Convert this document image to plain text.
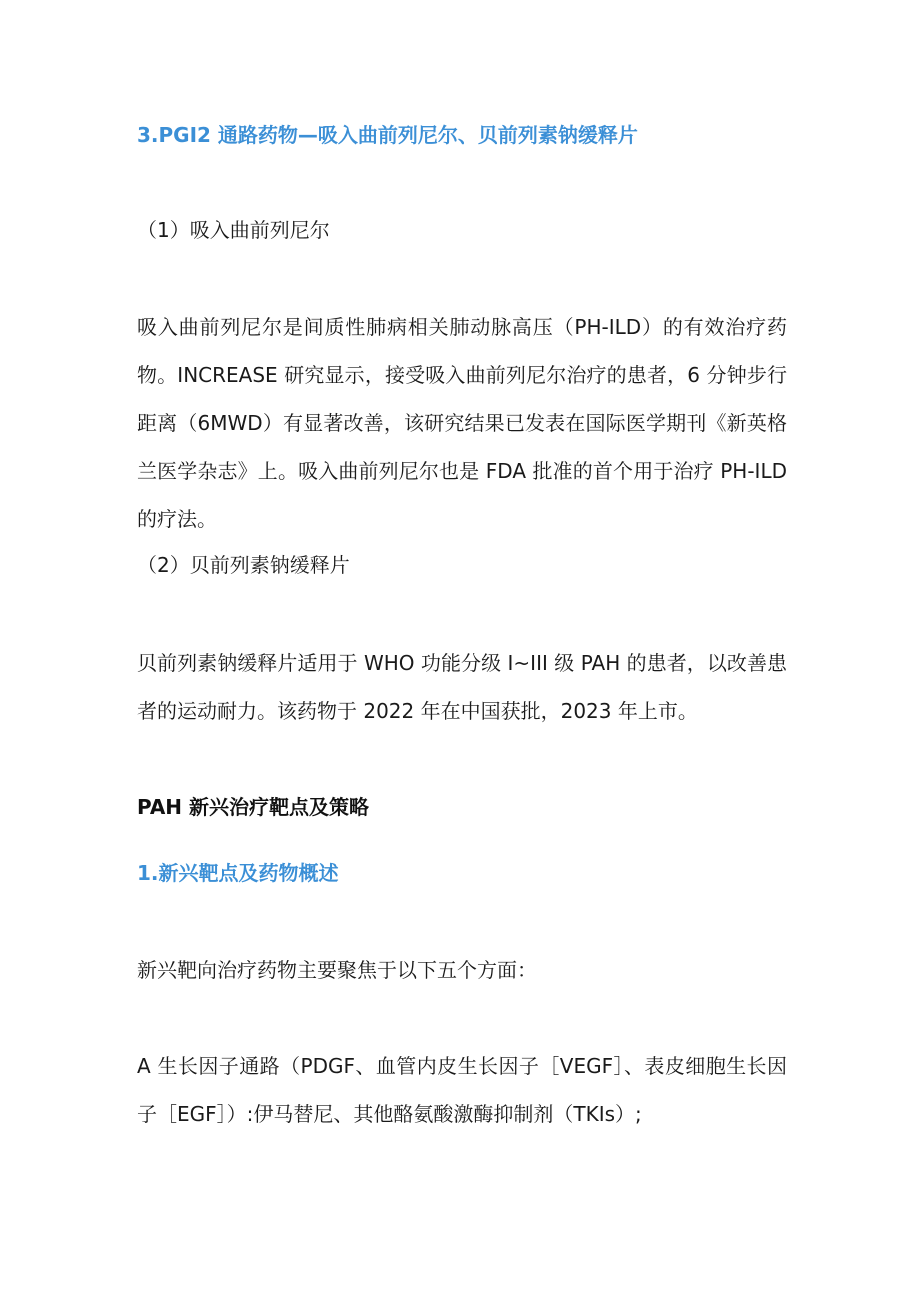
3.PGI2 通路药物—吸入曲前列尼尔、贝前列素钠缓释片
（1）吸入曲前列尼尔
吸入曲前列尼尔是间质性肺病相关肺动脉高压（PH-ILD）的有效治疗药物。INCREASE 研究显示，接受吸入曲前列尼尔治疗的患者，6 分钟步行距离（6MWD）有显著改善，该研究结果已发表在国际医学期刊《新英格兰医学杂志》上。吸入曲前列尼尔也是 FDA 批准的首个用于治疗 PH-ILD 的疗法。
（2）贝前列素钠缓释片
贝前列素钠缓释片适用于 WHO 功能分级 I~III 级 PAH 的患者，以改善患者的运动耐力。该药物于 2022 年在中国获批，2023 年上市。
PAH 新兴治疗靶点及策略
1.新兴靶点及药物概述
新兴靶向治疗药物主要聚焦于以下五个方面：
A 生长因子通路（PDGF、血管内皮生长因子［VEGF］、表皮细胞生长因子［EGF］）:伊马替尼、其他酪氨酸激酶抑制剂（TKIs）;
